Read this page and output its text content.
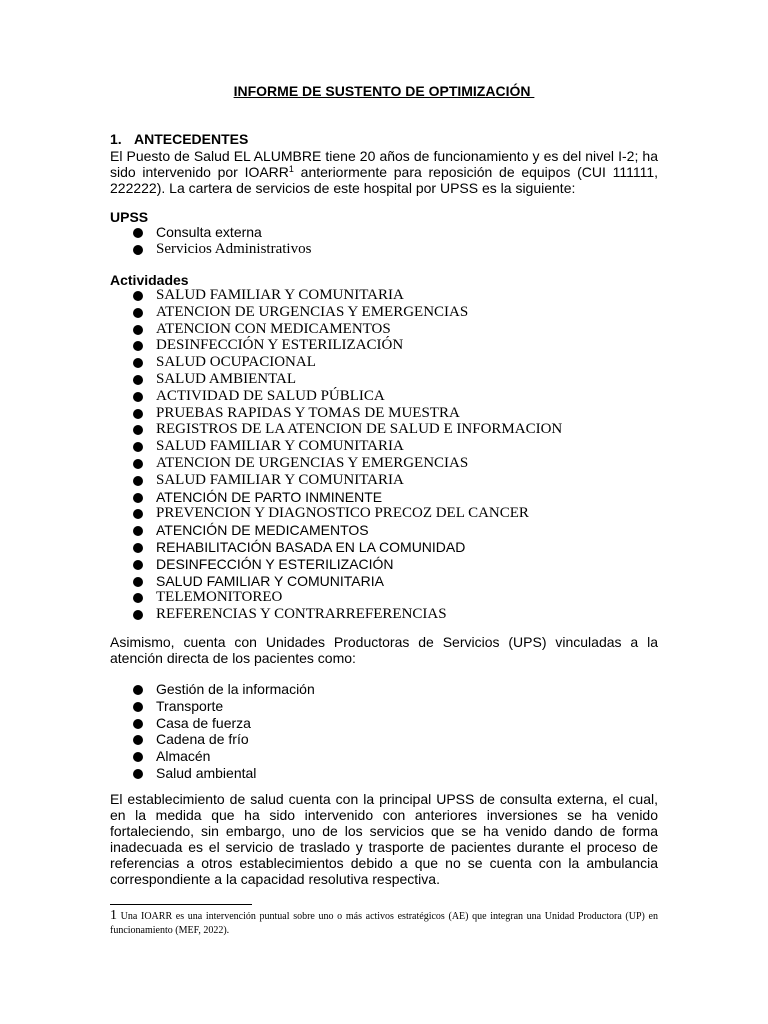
INFORME DE SUSTENTO DE OPTIMIZACIÓN
1. ANTECEDENTES
El Puesto de Salud EL ALUMBRE tiene 20 años de funcionamiento y es del nivel I-2; ha sido intervenido por IOARR$^1$ anteriormente para reposición de equipos (CUI 111111, 222222). La cartera de servicios de este hospital por UPSS es la siguiente:
UPSS
Consulta externa
Servicios Administrativos
Actividades
SALUD FAMILIAR Y COMUNITARIA
ATENCION DE URGENCIAS Y EMERGENCIAS
ATENCION CON MEDICAMENTOS
DESINFECCIÓN Y ESTERILIZACIÓN
SALUD OCUPACIONAL
SALUD AMBIENTAL
ACTIVIDAD DE SALUD PÚBLICA
PRUEBAS RAPIDAS Y TOMAS DE MUESTRA
REGISTROS DE LA ATENCION DE SALUD E INFORMACION
SALUD FAMILIAR Y COMUNITARIA
ATENCION DE URGENCIAS Y EMERGENCIAS
SALUD FAMILIAR Y COMUNITARIA
ATENCIÓN DE PARTO INMINENTE
PREVENCION Y DIAGNOSTICO PRECOZ DEL CANCER
ATENCIÓN DE MEDICAMENTOS
REHABILITACIÓN BASADA EN LA COMUNIDAD
DESINFECCIÓN Y ESTERILIZACIÓN
SALUD FAMILIAR Y COMUNITARIA
TELEMONITOREO
REFERENCIAS Y CONTRARREFERENCIAS
Asimismo, cuenta con Unidades Productoras de Servicios (UPS) vinculadas a la atención directa de los pacientes como:
Gestión de la información
Transporte
Casa de fuerza
Cadena de frío
Almacén
Salud ambiental
El establecimiento de salud cuenta con la principal UPSS de consulta externa, el cual, en la medida que ha sido intervenido con anteriores inversiones se ha venido fortaleciendo, sin embargo, uno de los servicios que se ha venido dando de forma inadecuada es el servicio de traslado y trasporte de pacientes durante el proceso de referencias a otros establecimientos debido a que no se cuenta con la ambulancia correspondiente a la capacidad resolutiva respectiva.
1 Una IOARR es una intervención puntual sobre uno o más activos estratégicos (AE) que integran una Unidad Productora (UP) en funcionamiento (MEF, 2022).
